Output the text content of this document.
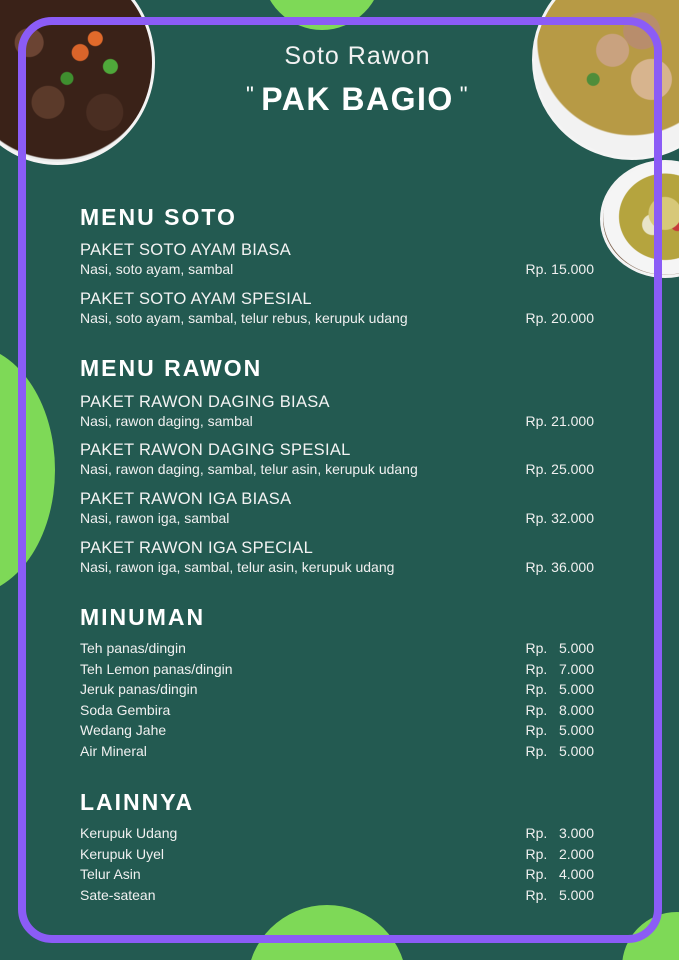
Soto Rawon
" PAK BAGIO "
MENU SOTO
PAKET SOTO AYAM BIASA
Nasi, soto ayam, sambal	Rp. 15.000
PAKET SOTO AYAM SPESIAL
Nasi, soto ayam, sambal, telur rebus, kerupuk udang	Rp. 20.000
MENU RAWON
PAKET RAWON DAGING BIASA
Nasi, rawon daging, sambal	Rp. 21.000
PAKET RAWON DAGING SPESIAL
Nasi, rawon daging, sambal, telur asin, kerupuk udang	Rp. 25.000
PAKET RAWON IGA BIASA
Nasi, rawon iga, sambal	Rp. 32.000
PAKET RAWON IGA SPECIAL
Nasi, rawon iga, sambal, telur asin, kerupuk udang	Rp. 36.000
MINUMAN
Teh panas/dingin	Rp.   5.000
Teh Lemon panas/dingin	Rp.   7.000
Jeruk panas/dingin	Rp.   5.000
Soda Gembira	Rp.   8.000
Wedang Jahe	Rp.   5.000
Air Mineral	Rp.   5.000
LAINNYA
Kerupuk Udang	Rp.   3.000
Kerupuk Uyel	Rp.   2.000
Telur Asin	Rp.   4.000
Sate-satean	Rp.   5.000
